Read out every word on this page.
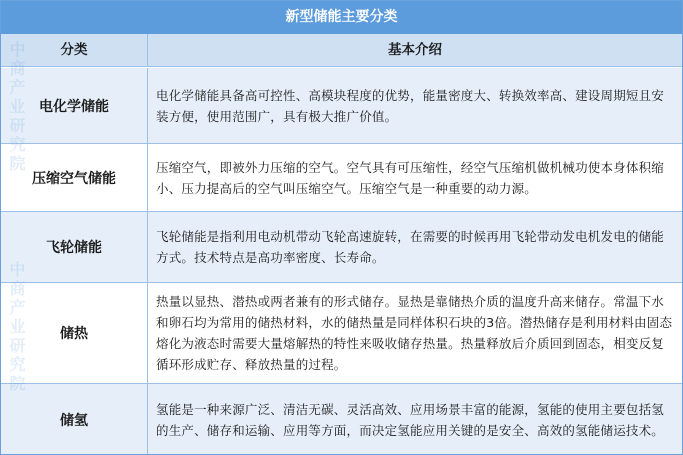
新型储能主要分类
分类	基本介绍
电化学储能

电化学储能具备高可控性、高模块程度的优势，能量密度大、转换效率高、建设周期短且安装方便，使用范围广，具有极大推广价值。

压缩空气储能

压缩空气，即被外力压缩的空气。空气具有可压缩性，经空气压缩机做机械功使本身体积缩小、压力提高后的空气叫压缩空气。压缩空气是一种重要的动力源。

飞轮储能

飞轮储能是指利用电动机带动飞轮高速旋转，在需要的时候再用飞轮带动发电机发电的储能方式。技术特点是高功率密度、长寿命。

储热

热量以显热、潜热或两者兼有的形式储存。显热是靠储热介质的温度升高来储存。常温下水和卵石均为常用的储热材料，水的储热量是同样体积石块的3倍。潜热储存是利用材料由固态熔化为液态时需要大量熔解热的特性来吸收储存热量。热量释放后介质回到固态，相变反复循环形成贮存、释放热量的过程。

储氢

氢能是一种来源广泛、清洁无碳、灵活高效、应用场景丰富的能源，氢能的使用主要包括氢的生产、储存和运输、应用等方面，而决定氢能应用关键的是安全、高效的氢能储运技术。
